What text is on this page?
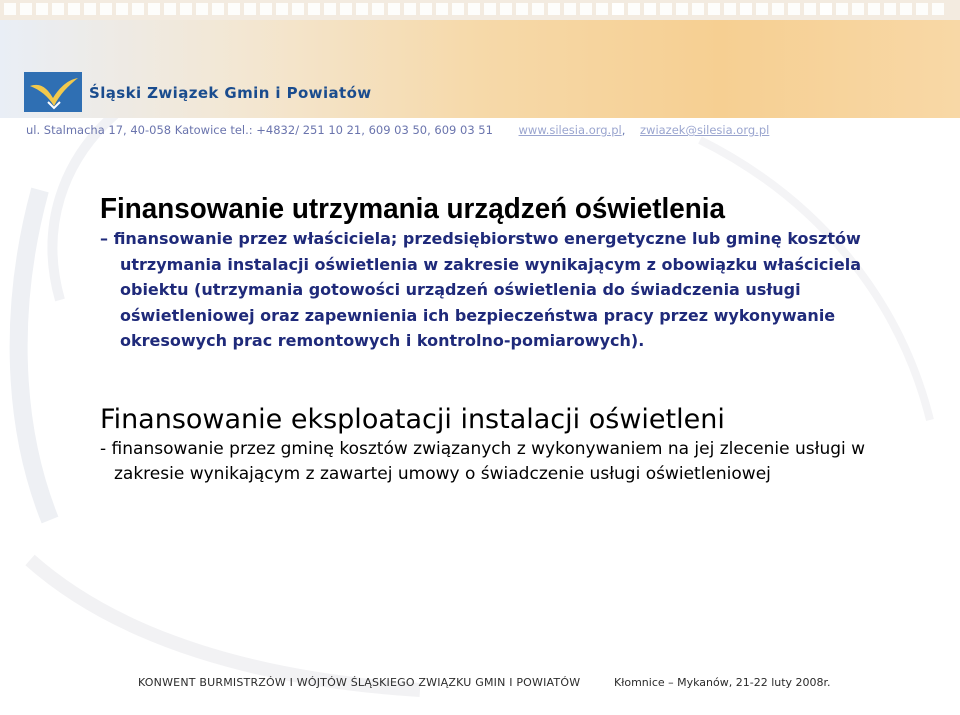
Śląski Związek Gmin i Powiatów
ul. Stalmacha 17, 40-058 Katowice tel.: +4832/ 251 10 21, 609 03 50, 609 03 51 www.silesia.org.pl, zwiazek@silesia.org.pl
Finansowanie utrzymania urządzeń oświetlenia

– finansowanie przez właściciela; przedsiębiorstwo energetyczne lub gminę kosztów utrzymania instalacji oświetlenia w zakresie wynikającym z obowiązku właściciela obiektu (utrzymania gotowości urządzeń oświetlenia do świadczenia usługi oświetleniowej oraz zapewnienia ich bezpieczeństwa pracy przez wykonywanie okresowych prac remontowych i kontrolno-pomiarowych).

Finansowanie eksploatacji instalacji oświetleni

- finansowanie przez gminę kosztów związanych z wykonywaniem na jej zlecenie usługi w zakresie wynikającym z zawartej umowy o świadczenie usługi oświetleniowej

KONWENT BURMISTRZÓW I WÓJTÓW ŚLĄSKIEGO ZWIĄZKU GMIN I POWIATÓW	Kłomnice – Mykanów, 21-22 luty 2008r.
